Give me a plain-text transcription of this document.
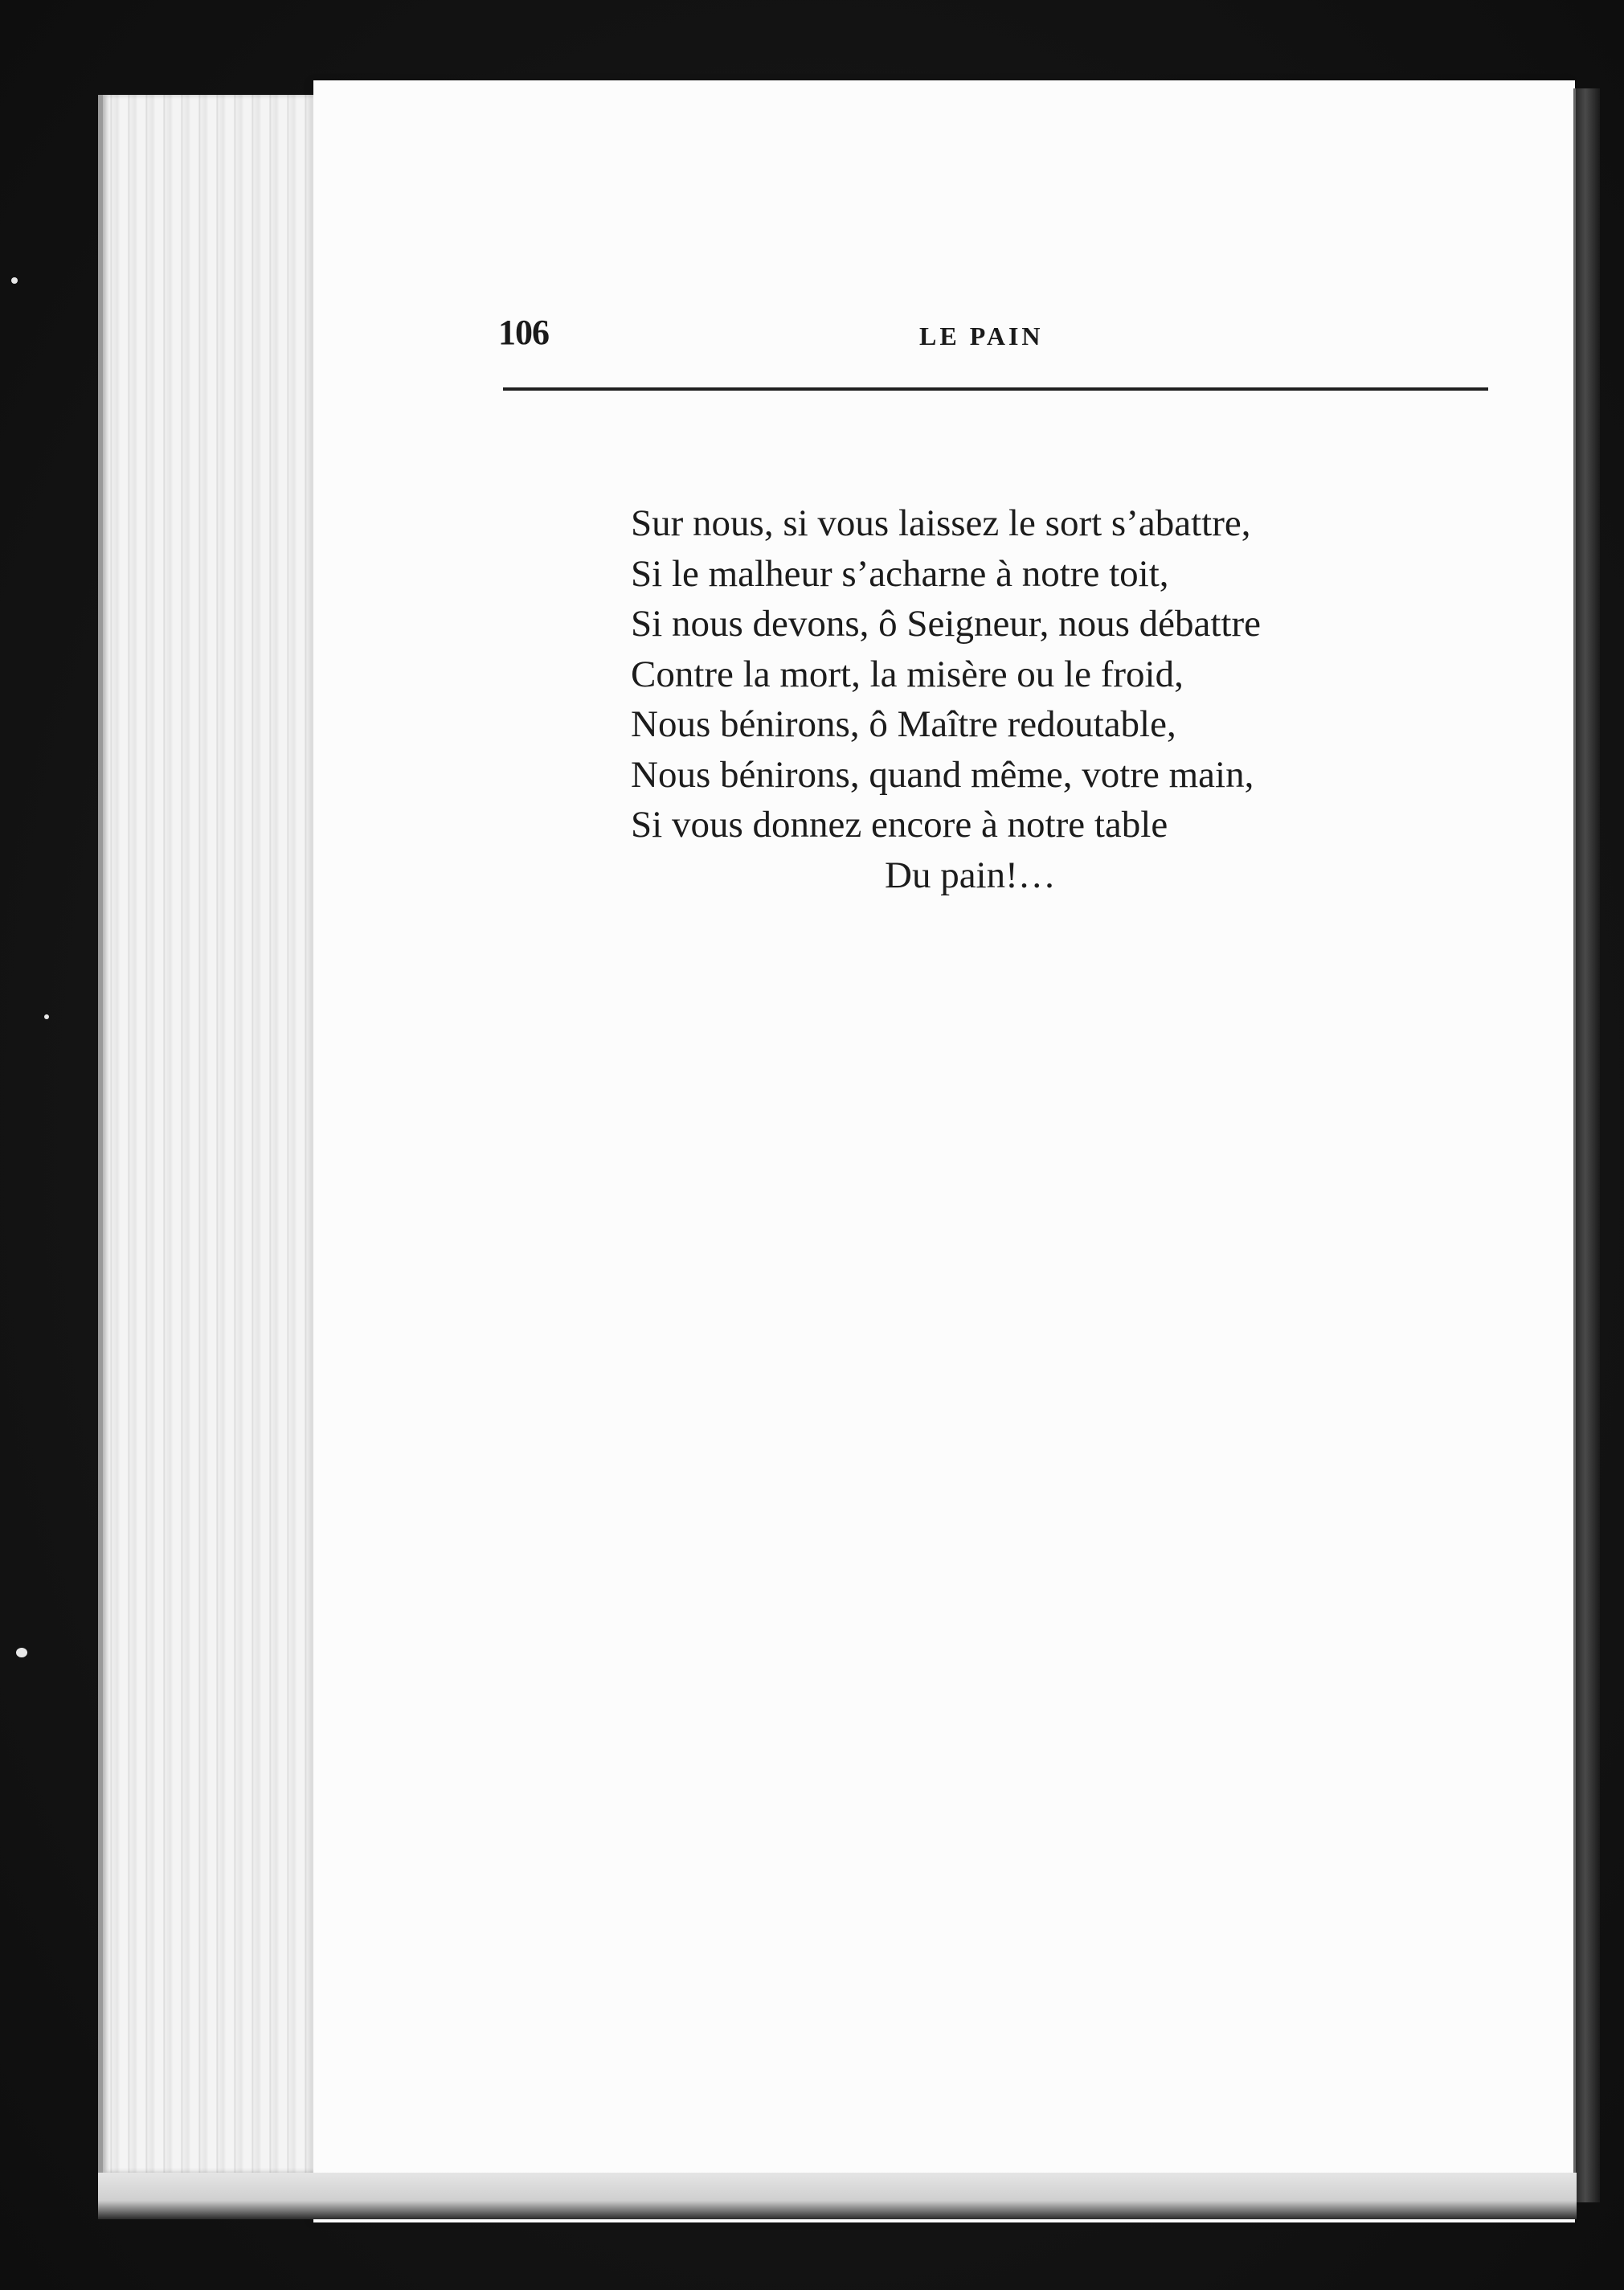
106	LE PAIN
Sur nous, si vous laissez le sort s’abattre,
Si le malheur s’acharne à notre toit,
Si nous devons, ô Seigneur, nous débattre
Contre la mort, la misère ou le froid,
Nous bénirons, ô Maître redoutable,
Nous bénirons, quand même, votre main,
Si vous donnez encore à notre table
Du pain!…
